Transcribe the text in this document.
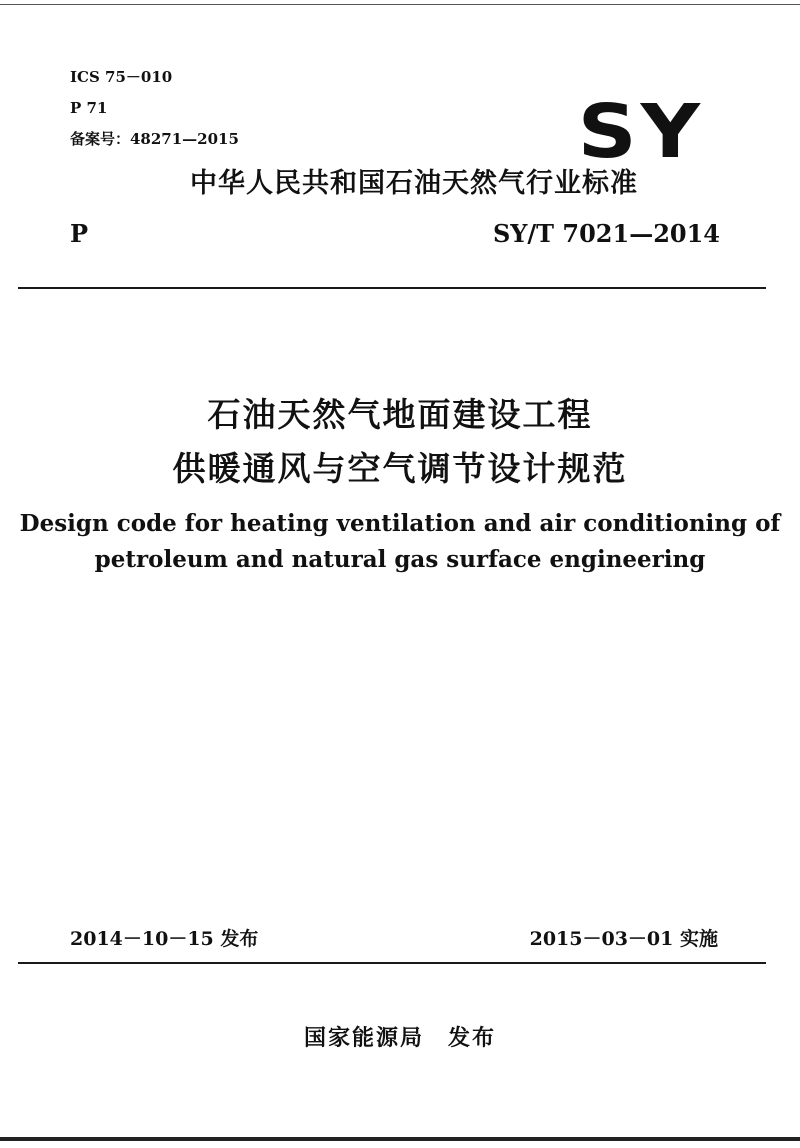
ICS 75－010
P 71
备案号：48271—2015	SY
中华人民共和国石油天然气行业标准
P	SY/T 7021—2014
石油天然气地面建设工程
供暖通风与空气调节设计规范
Design code for heating ventilation and air conditioning of
petroleum and natural gas surface engineering
2014－10－15 发布	2015－03－01 实施
国家能源局　发布
